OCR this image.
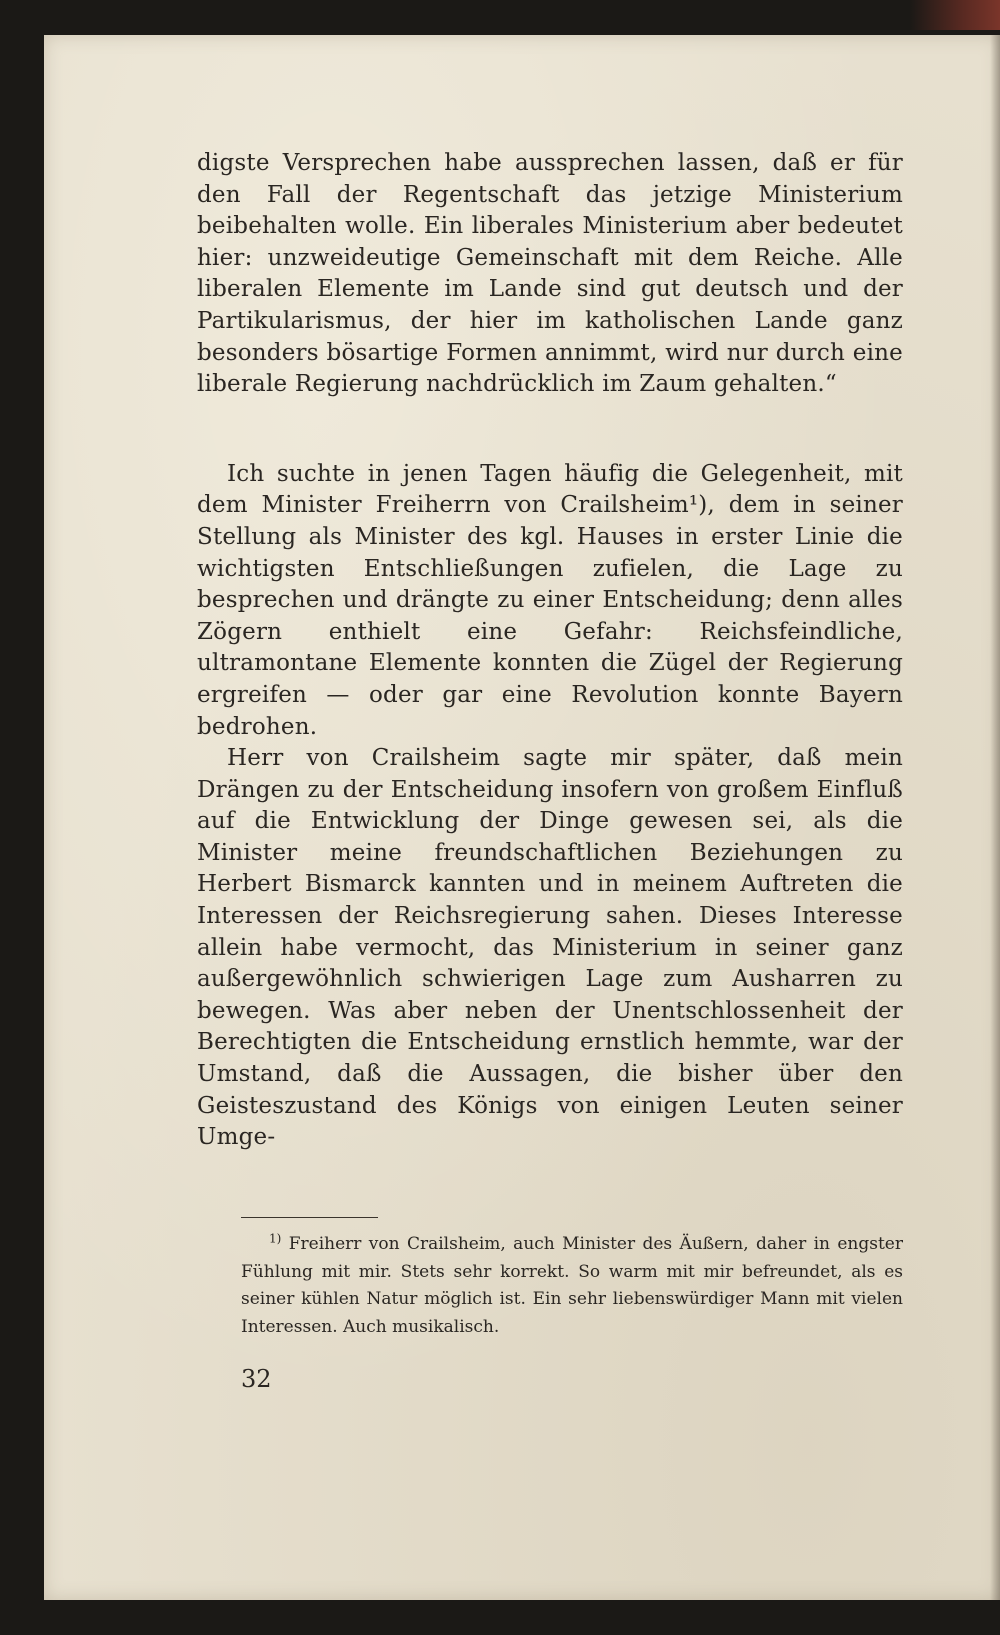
digste Versprechen habe aussprechen lassen, daß er für den Fall der Regentschaft das jetzige Ministerium beibehalten wolle. Ein liberales Ministerium aber bedeutet hier: unzweideutige Gemeinschaft mit dem Reiche. Alle liberalen Elemente im Lande sind gut deutsch und der Partikularismus, der hier im katholischen Lande ganz besonders bösartige Formen annimmt, wird nur durch eine liberale Regierung nachdrücklich im Zaum gehalten.“

Ich suchte in jenen Tagen häufig die Gelegenheit, mit dem Minister Freiherrn von Crailsheim¹), dem in seiner Stellung als Minister des kgl. Hauses in erster Linie die wichtigsten Entschließungen zufielen, die Lage zu besprechen und drängte zu einer Entscheidung; denn alles Zögern enthielt eine Gefahr: Reichsfeindliche, ultramontane Elemente konnten die Zügel der Regierung ergreifen — oder gar eine Revolution konnte Bayern bedrohen.

Herr von Crailsheim sagte mir später, daß mein Drängen zu der Entscheidung insofern von großem Einfluß auf die Entwicklung der Dinge gewesen sei, als die Minister meine freundschaftlichen Beziehungen zu Herbert Bismarck kannten und in meinem Auftreten die Interessen der Reichsregierung sahen. Dieses Interesse allein habe vermocht, das Ministerium in seiner ganz außergewöhnlich schwierigen Lage zum Ausharren zu bewegen. Was aber neben der Unentschlossenheit der Berechtigten die Entscheidung ernstlich hemmte, war der Umstand, daß die Aussagen, die bisher über den Geisteszustand des Königs von einigen Leuten seiner Umge-

$^{1)}$ Freiherr von Crailsheim, auch Minister des Äußern, daher in engster Fühlung mit mir. Stets sehr korrekt. So warm mit mir befreundet, als es seiner kühlen Natur möglich ist. Ein sehr liebenswürdiger Mann mit vielen Interessen. Auch musikalisch.

32
